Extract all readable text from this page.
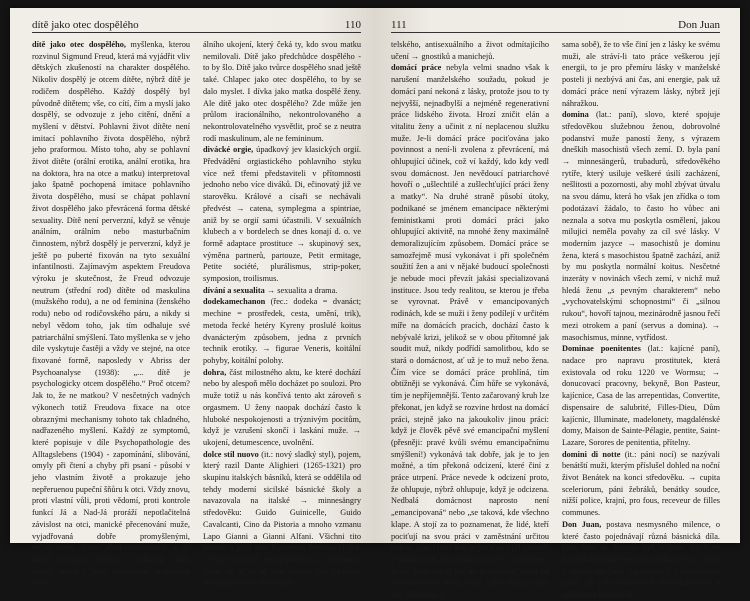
dítě jako otec dospělého	110

dítě jako otec dospělého, myšlenka, kterou rozvinul Sigmund Freud, která má vyjádřit vliv dětských zkušeností na charakter dospělého. Nikoliv dospělý je otcem dítěte, nýbrž dítě je rodičem dospělého. Každý dospělý byl původně dítětem; vše, co cítí, čím a myslí jako dospělý, se odvozuje z jeho citění, dnění a myšlení v dětství. Pohlavní život dítěte není imitací pohlavního života dospělého, nýbrž jeho praformou. Místo toho, aby se pohlavní život dítěte (orální erotika, anální erotika, hra na doktora, hra na otce a matku) interpretoval jako špatně pochopená imitace pohlavního života dospělého, musí se chápat pohlavní život dospělého jako převrácená forma dětské sexuality. Dítě není perverzní, když se věnuje análním, orálním nebo masturbačním činnostem, nýbrž dospělý je perverzní, když je ještě po puberté fixován na tyto sexuální infantilnosti. Zajímavým aspektem Freudova výroku je skutečnost, že Freud odvozuje neutrum (střední rod) dítěte od maskulina (mužského rodu), a ne od feminina (ženského rodu) nebo od rodičovského páru, a nikdy si nebyl vědom toho, jak tím odhaluje své patriarchální smýšlení. Tato myšlenka se v jeho díle vyskytuje častěji a vždy ve stejné, na otce fixované formě, naposledy v Abriss der Psychoanalyse (1938): „... dítě je psychologicky otcem dospělého.“ Proč otcem? Jak to, že ne matkou? V nesčetných vadných výkonech totiž Freudova fixace na otce obraznými mechanismy tohoto tak chladného, nadřazeného myšlení. Každý ze symptomů, které popisuje v díle Psychopathologie des Alltagslebens (1904) - zapomínání, slibování, omyly při čtení a chyby při psaní - působí v jeho vlastním životě a prokazuje jeho nepřeruenou pupeční šňůru k otci. Vždy znovu, proti vlastní vůli, proti vědomí, proti kontrole funkcí Já a Nad-Já proráží nepotlačitelná závislost na otci, manické přecenování muže, vyjadřovaná dobře promyšlenými, vyjádřenými, často přezkoumávanými a za dobré uznanými větami, a odhaluje žrádu matky, strach z ženy, celoživotní nedostatek sexu-

álního ukojení, který čeká ty, kdo svou matku nemilovali. Dítě jako předchůdce dospělého - to by šlo. Dítě jako tvůrce dospělého snad ještě také. Chlapec jako otec dospělého, to by se dalo myslet. I dívka jako matka dospělé ženy. Ale dítě jako otec dospělého? Zde může jen průlom iracionálního, nekontrolovaného a nekontrolovatelného vysvětlit, proč se z neutra rodí maskulinum, ale ne femininum.

divácké orgie, úpadkový jev klasických orgií. Předvádění orgiastického pohlavního styku více než třemi představiteli v přítomnosti jednoho nebo více diváků. Di, ečinovatý již ve starověku. Králové a císaři se nechávali předvést → catena, symplegma a spintriae, aniž by se orgií sami účastnili. V sexuálních klubech a v bordelech se dnes konají d. o. ve formě adaptace prostituce → skupinový sex, výměna partnerů, partouze, Petit ermitage, Petite société, plurálismus, strip-poker, symposion, troilismus.

dívání a sexualita → sexualita a drama.

dodekamechanon (řec.: dodeka = dvanáct; mechine = prostředek, cesta, umění, trik), metoda řecké hetéry Kyreny proslulé koitus dvanácterým způsobem, jedna z prvních technik erotiky. → figurae Veneris, koitální pohyby, koitální polohy.

dohra, část milostného aktu, ke které dochází nebo by alespoň mělo docházet po soulozi. Pro muže totiž u nás končívá tento akt zároveň s orgasmem. U ženy naopak dochází často k hluboké nespokojenosti a trýznivým pocitům, když je vzrušení skončí i laskání muže. → ukojení, detumescence, uvolnění.

dolce stil nuovo (it.: nový sladký styl), pojem, který razil Dante Alighieri (1265-1321) pro skupinu italských básníků, která se oddělila od tehdy moderní sicilské básnické školy a navazovala na italské → minnesängry středověku: Guido Guinicelle, Guido Cavalcanti, Cino da Pistoria a mnoho vzmanu Lapo Gianni a Gianni Alfani. Všichni tito básníci a ještě sám Francesco Petrarca (1304-1374) oslavovali nenaplnitelnou a nešťastnou lásku, až už se od sebe stylem lišili jakkoliv. Byli pod vlivem těla nepřá-

111	Don Juan

telského, antisexuálního a život odmítajícího učení → gnostiků a manichejů.

domácí práce nebyla velmi snadno však k narušení manželského soužadu, pokud je domácí paní nekoná z lásky, protože jsou to ty nejvyšší, nejnadbylší a nejméně regenerativní práce lidského života. Hrozí zničit elán a vitalitu ženy a učinit z ní neplacenou služku muže. Je-li domácí práce pociťována jako povinnost a není-li zvolena z převrácení, má ohlupující účinek, což ví každý, kdo kdy vedl svou domácnost. Jen nevědoucí patriarchové hovoří o „ušlechtilé a zušlechťující práci ženy a matky“. Na druhé straně působí útoky, podnikané se jménem emancipace některými feministkami proti domácí práci jako ohlupující aktivitě, na mnohé ženy maximálně demoralizujícím způsobem. Domácí práce se samozřejmě musí vykonávat i při společném soužití žen a ani v nějaké budoucí společnosti je nebude moci převzít jakási specializovaná instituce. Jsou tedy realitou, se kterou je třeba se vyrovnat. Právě v emancipovaných rodinách, kde se muži i ženy podílejí v určitém míře na domácích pracích, dochází často k nebývalé krizi, jelikož se v obou přítomné jak soudit muž, nikdy podřídí samolitbou, kdo se stará o domácnost, ať už je to muž nebo žena. Čím více se domácí práce prohlíná, tím obtížněji se vykonává. Čím hůře se vykonává, tím je nepříjemnější. Tento začarovaný kruh lze překonat, jen když se rozvine hrdost na domácí práci, stejně jako na jakoukoliv jinou práci: když je člověk pěvě své emancipační myšlení (přesněji: pravé kvůli svému emancipačnímu smýšlení!) vykonává tak dobře, jak je to jen možné, a tím překoná odcizení, které činí z práce utrpení. Práce nevede k odcizení proto, že ohlupuje, nýbrž ohlupuje, když je odcizena. Nedbalá domácnost naprosto není „emancipovaná“ nebo „se taková, kde všechno klape. A stojí za to poznamenat, že lidé, kteří pociťují na svou práci v zaměstnání určitou hrdost, jsou i tími, kdo je pociťují i při pracech v domácnosti. Tato hrdost má vliv na všechno. Žena, která myslí jen na domácnost, která od rána do večera uklízí, myje, vaří a drhne, může sice předstírat (i

sama sobě), že to vše činí jen z lásky ke svému muži, ale stráví-li tato práce veškerou její energii, to je pro přemíru lásky v manželské posteli ji nezbývá ani čas, ani energie, pak už domácí práce není výrazem lásky, nýbrž její náhražkou.

domina (lat.: paní), slovo, které spojuje středověkou služebnou ženou, dobrovolné podanství muže paností ženy, s výrazem dneških masochistů všech zemí. D. byla paní → minnesängerů, trubadurů, středověkého rytíře, který usiluje veškeré úsilí zacházení, nešlitosti a pozornosti, aby mohl zbývat útvalu na svou dámu, která ho však jen zřídka o tom podotázaví žádalo, to často ho vůbec ani neznala a sotva mu poskytla osmělení, jakou milujici neměla povahy za cíl své lásky. V moderním jazyce → masochistů je dominu žena, která s masochistou špatně zachází, aniž by mu poskytla normální koitus. Nesčetné inzeráty v novinách všech zemí, v nichž muž hledá ženu „s pevným charakterem“ nebo „vychovatelskými schopnostmi“ či „silnou rukou“, hovoří tajnou, mezinárodně jasnou řečí mezi otrokem a paní (servus a domina). → masochismus, minne, vytřídost.

Dominae poenitentes (lat.: kajícné paní), nadace pro napravu prostitutek, která existovala od roku 1220 ve Wormsu; → donucovací pracovny, bekyně, Bon Pasteur, kajícnice, Casa de las arrepentidas, Convertite, dispensaire de salubrité, Filles-Dieu, Dům kajícnic, Illuminate, madelonety, magdalénské domy, Maison de Sainte-Pélagie, pentite, Saint-Lazare, Sorores de penitentia, přítelny.

domini di notte (it.: páni nocí) se nazývali benátští muži, kterým příslušel dohled na noční život Benátek na konci středověku. → cupita sceleriorum, páni žebráků, benátky soudce, nižší police, krajní, pro fous, receveur de filles communes.

Don Juan, postava nesmysného milence, o které často pojednávají různá básnická díla. Don Juan de Tenorio byl vrchním číšníkem kastilského krále Petra Surového (1350 - 1368) a sloužil mu jako legalizovaný a posletchtný pasák při jeho milostných dobrodružstvích a sadomasochistických
